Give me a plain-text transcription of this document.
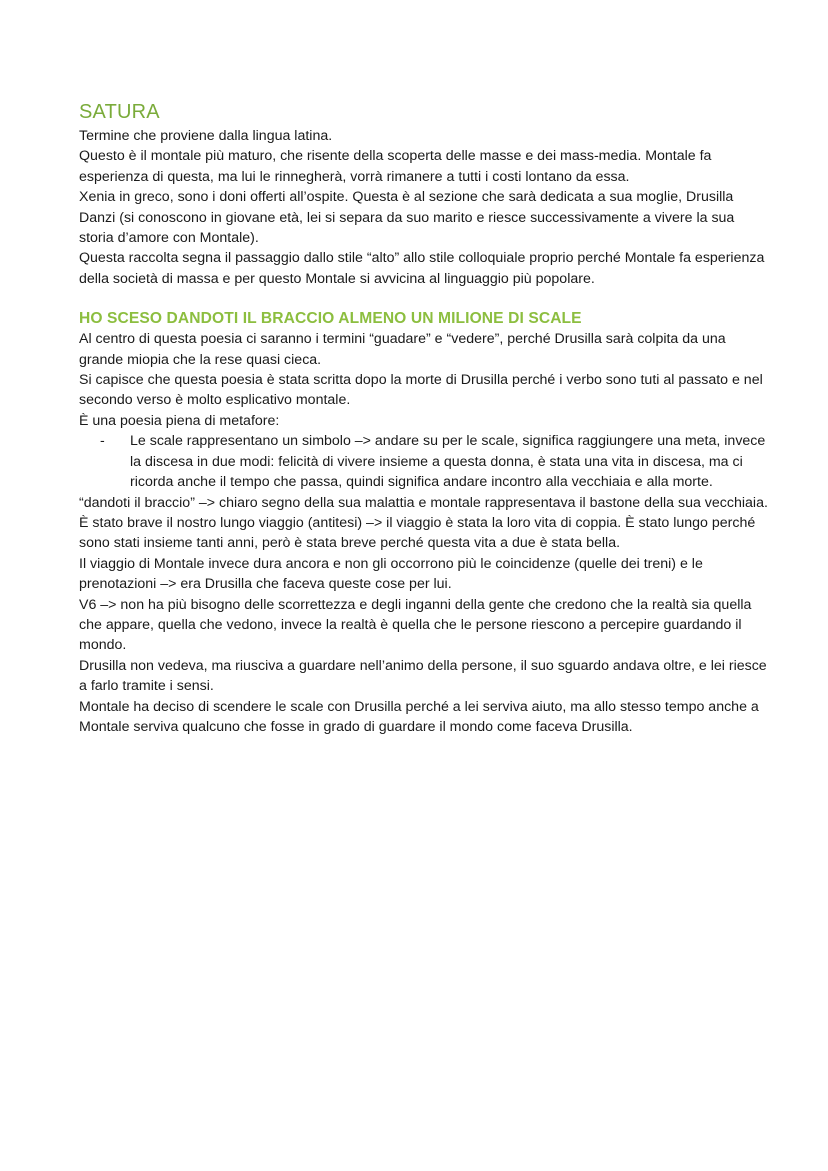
SATURA

Termine che proviene dalla lingua latina.

Questo è il montale più maturo, che risente della scoperta delle masse e dei mass-media. Montale fa esperienza di questa, ma lui le rinnegherà, vorrà rimanere a tutti i costi lontano da essa.

Xenia in greco, sono i doni offerti all’ospite. Questa è al sezione che sarà dedicata a sua moglie, Drusilla Danzi (si conoscono in giovane età, lei si separa da suo marito e riesce successivamente a vivere la sua storia d’amore con Montale).

Questa raccolta segna il passaggio dallo stile “alto” allo stile colloquiale proprio perché Montale fa esperienza della società di massa e per questo Montale si avvicina al linguaggio più popolare.

HO SCESO DANDOTI IL BRACCIO ALMENO UN MILIONE DI SCALE

Al centro di questa poesia ci saranno i termini “guadare” e “vedere”, perché Drusilla sarà colpita da una grande miopia che la rese quasi cieca.

Si capisce che questa poesia è stata scritta dopo la morte di Drusilla perché i verbo sono tuti al passato e nel secondo verso è molto esplicativo montale.

È una poesia piena di metafore:

- Le scale rappresentano un simbolo –> andare su per le scale, significa raggiungere una meta, invece la discesa in due modi: felicità di vivere insieme a questa donna, è stata una vita in discesa, ma ci ricorda anche il tempo che passa, quindi significa andare incontro alla vecchiaia e alla morte.

“dandoti il braccio” –> chiaro segno della sua malattia e montale rappresentava il bastone della sua vecchiaia.

È stato brave il nostro lungo viaggio (antitesi) –> il viaggio è stata la loro vita di coppia. È stato lungo perché sono stati insieme tanti anni, però è stata breve perché questa vita a due è stata bella.

Il viaggio di Montale invece dura ancora e non gli occorrono più le coincidenze (quelle dei treni) e le prenotazioni –> era Drusilla che faceva queste cose per lui.

V6 –> non ha più bisogno delle scorrettezza e degli inganni della gente che credono che la realtà sia quella che appare, quella che vedono, invece la realtà è quella che le persone riescono a percepire guardando il mondo.

Drusilla non vedeva, ma riusciva a guardare nell’animo della persone, il suo sguardo andava oltre, e lei riesce a farlo tramite i sensi.

Montale ha deciso di scendere le scale con Drusilla perché a lei serviva aiuto, ma allo stesso tempo anche a Montale serviva qualcuno che fosse in grado di guardare il mondo come faceva Drusilla.
